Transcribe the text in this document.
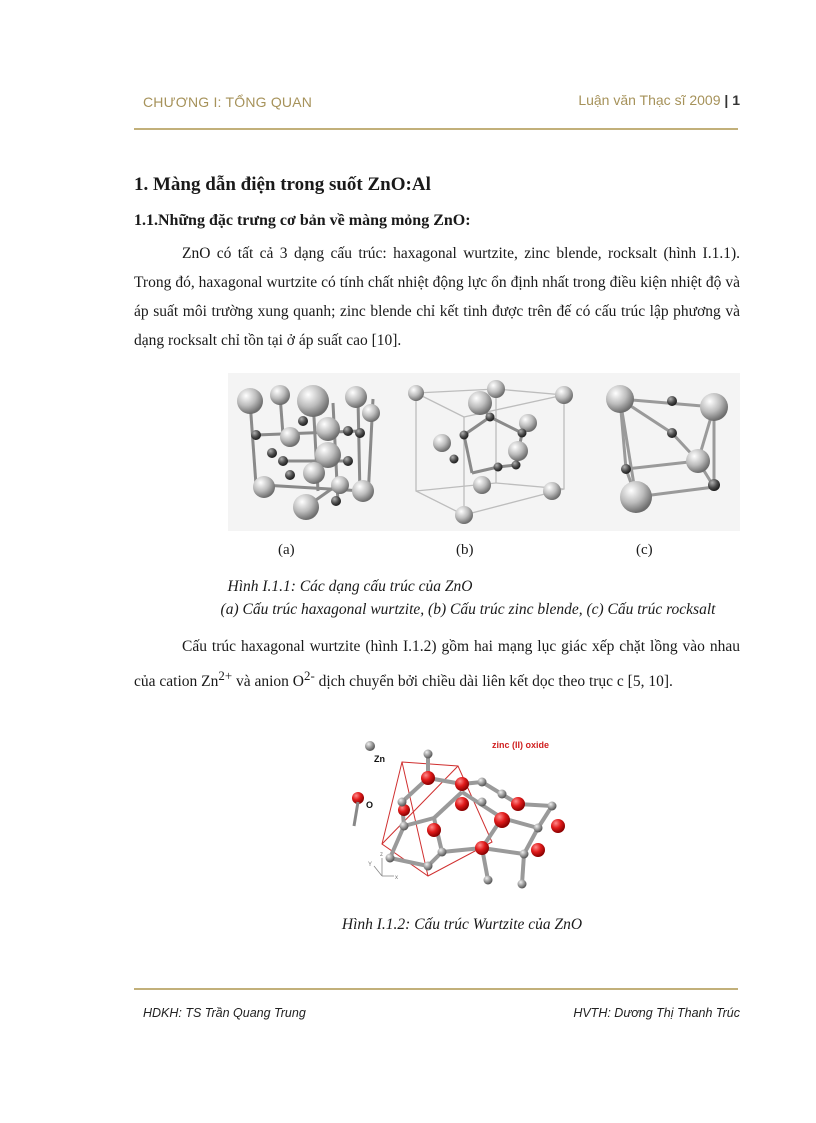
CHƯƠNG I: TỔNG QUAN	Luận văn Thạc sĩ 2009 | 1
1. Màng dẫn điện trong suốt ZnO:Al
1.1.Những đặc trưng cơ bản về màng mỏng ZnO:

ZnO có tất cả 3 dạng cấu trúc: haxagonal wurtzite, zinc blende, rocksalt (hình I.1.1). Trong đó, haxagonal wurtzite có tính chất nhiệt động lực ổn định nhất trong điều kiện nhiệt độ và áp suất môi trường xung quanh; zinc blende chỉ kết tinh được trên đế có cấu trúc lập phương và dạng rocksalt chỉ tồn tại ở áp suất cao [10].

(a)	(b)	(c)
Hình I.1.1: Các dạng cấu trúc của ZnO
(a) Cấu trúc haxagonal wurtzite, (b) Cấu trúc zinc blende, (c) Cấu trúc rocksalt

Cấu trúc haxagonal wurtzite (hình I.1.2) gồm hai mạng lục giác xếp chặt lồng vào nhau của cation $Zn^{2+}$ và anion $O^{2-}$ dịch chuyển bởi chiều dài liên kết dọc theo trục c [5, 10].

zinc (II) oxide
Zn
O
z
Y
x
Hình I.1.2: Cấu trúc Wurtzite của ZnO
HDKH: TS Trần Quang Trung	HVTH: Dương Thị Thanh Trúc
